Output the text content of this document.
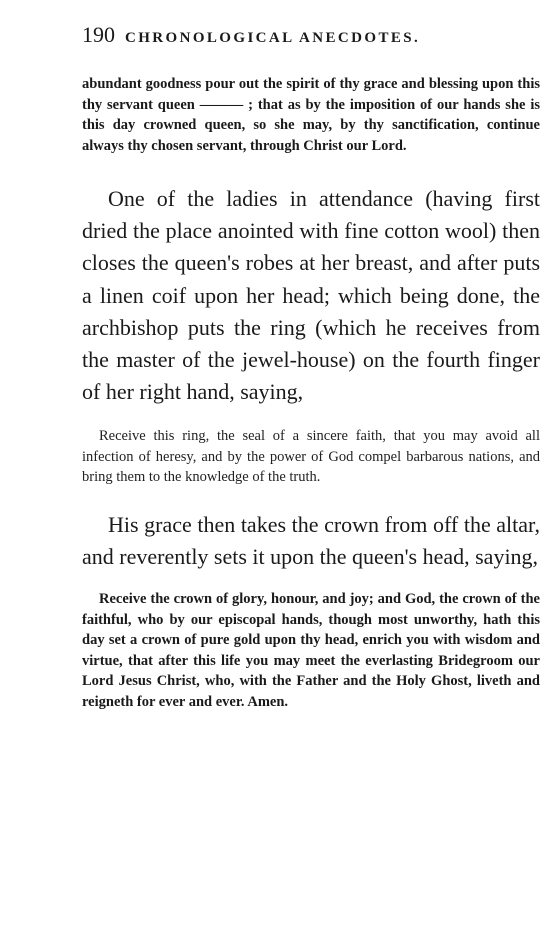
190 CHRONOLOGICAL ANECDOTES.

abundant goodness pour out the spirit of thy grace and blessing upon this thy servant queen ——— ; that as by the imposition of our hands she is this day crowned queen, so she may, by thy sanctification, continue always thy chosen servant, through Christ our Lord.

One of the ladies in attendance (having first dried the place anointed with fine cotton wool) then closes the queen's robes at her breast, and after puts a linen coif upon her head; which being done, the archbishop puts the ring (which he receives from the master of the jewel-house) on the fourth finger of her right hand, saying,

Receive this ring, the seal of a sincere faith, that you may avoid all infection of heresy, and by the power of God compel barbarous nations, and bring them to the knowledge of the truth.

His grace then takes the crown from off the altar, and reverently sets it upon the queen's head, saying,

Receive the crown of glory, honour, and joy; and God, the crown of the faithful, who by our episcopal hands, though most unworthy, hath this day set a crown of pure gold upon thy head, enrich you with wisdom and virtue, that after this life you may meet the everlasting Bridegroom our Lord Jesus Christ, who, with the Father and the Holy Ghost, liveth and reigneth for ever and ever. Amen.
